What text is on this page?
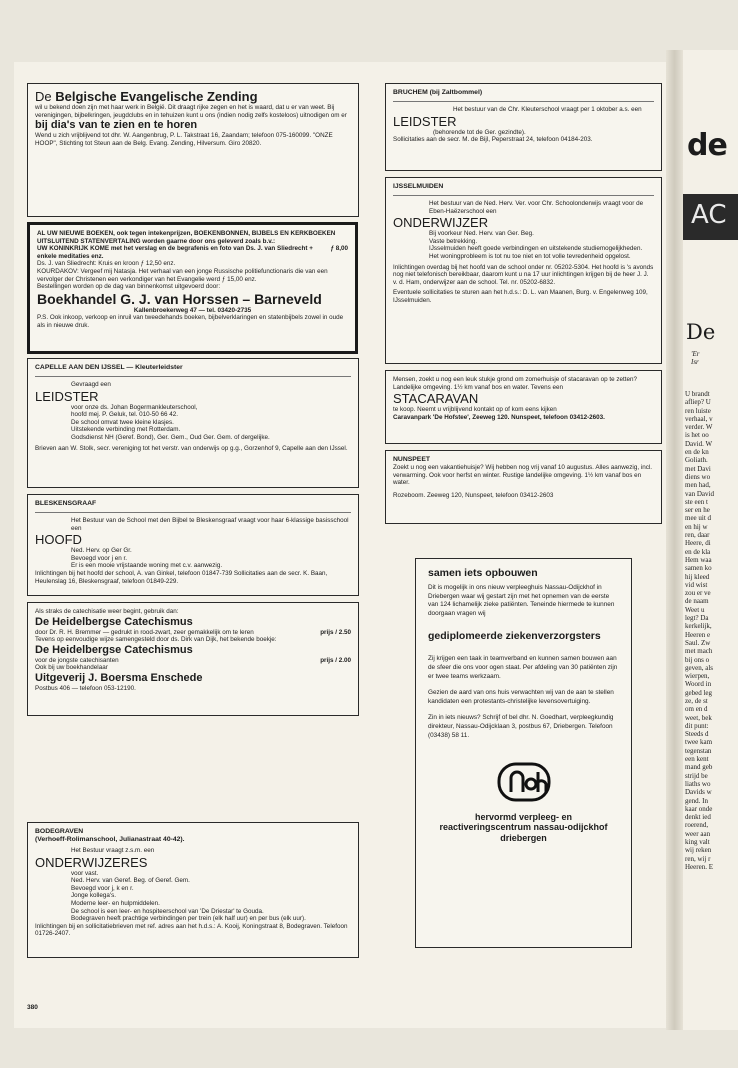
De Belgische Evangelische Zending

wil u bekend doen zijn met haar werk in België. Dit draagt rijke zegen en het is waard, dat u er van weet. Bij verenigingen, bijbelkringen, jeugdclubs en in tehuizen kunt u ons (indien nodig zelfs kosteloos) uitnodigen om er

bij dia's van te zien en te horen

Wend u zich vrijblijvend tot dhr. W. Aangenbrug, P. L. Takstraat 16, Zaandam; telefoon 075-160099. "ONZE HOOP", Stichting tot Steun aan de Belg. Evang. Zending, Hilversum. Giro 20820.

AL UW NIEUWE BOEKEN, ook tegen intekenprijzen, BOEKENBONNEN, BIJBELS EN KERKBOEKEN UITSLUITEND STATENVERTALING worden gaarne door ons geleverd zoals b.v.:

UW KONINKRIJK KOME met het verslag en de begrafenis en foto van Ds. J. van Sliedrecht + enkele meditaties enz.

ƒ 8,00

Ds. J. van Sliedrecht: Kruis en kroon ƒ 12,50 enz.

KOURDAKOV: Vergeef mij Natasja. Het verhaal van een jonge Russische politiefunctionaris die van een vervolger der Christenen een verkondiger van het Evangelie werd ƒ 15,00 enz.

Bestellingen worden op de dag van binnenkomst uitgevoerd door:

Boekhandel G. J. van Horssen – Barneveld

Kallenbroekerweg 47 — tel. 03420-2735

P.S. Ook inkoop, verkoop en inruil van tweedehands boeken, bijbelverklaringen en statenbijbels zowel in oude als in nieuwe druk.

CAPELLE AAN DEN IJSSEL — Kleuterleidster

Gevraagd een

LEIDSTER

voor onze ds. Johan Bogermankleuterschool,

hoofd mej. P. Geluk, tel. 010-50 66 42.

De school omvat twee kleine klasjes.

Uitstekende verbinding met Rotterdam.

Godsdienst NH (Geref. Bond), Ger. Gem., Oud Ger. Gem. of dergelijke.

Brieven aan W. Stolk, secr. vereniging tot het verstr. van onderwijs op g.g., Gorzenhof 9, Capelle aan den IJssel.

BLESKENSGRAAF

Het Bestuur van de School met den Bijbel te Bleskensgraaf vraagt voor haar 6-klassige basisschool een

HOOFD

Ned. Herv. op Ger Gr.

Bevoegd voor j en r.

Er is een mooie vrijstaande woning met c.v. aanwezig.

Inlichtingen bij het hoofd der school, A. van Ginkel, telefoon 01847-739 Sollicitaties aan de secr. K. Baan, Heulenslag 16, Bleskensgraaf, telefoon 01849-229.

Als straks de catechisatie weer begint, gebruik dan:

De Heidelbergse Catechismus

door Dr. R. H. Bremmer — gedrukt in rood-zwart, zeer gemakkelijk om te leren	prijs / 2.50

Tevens op eenvoudige wijze samengesteld door ds. Dirk van Dijk, het bekende boekje:

De Heidelbergse Catechismus

voor de jongste catechisanten	prijs / 2.00

Ook bij uw boekhandelaar

Uitgeverij J. Boersma Enschede

Postbus 406 — telefoon 053-12190.

BODEGRAVEN

(Verhoeff-Rolimanschool, Julianastraat 40-42).

Het Bestuur vraagt z.s.m. een

ONDERWIJZERES

voor vast.

Ned. Herv. van Geref. Beg. of Geref. Gem.

Bevoegd voor j, k en r.

Jonge kollega's.

Moderne leer- en hulpmiddelen.

De school is een leer- en hospiteerschool van 'De Driestar' te Gouda.

Bodegraven heeft prachtige verbindingen per trein (elk half uur) en per bus (elk uur).

Inlichtingen bij en sollicitatiebrieven met ref. adres aan het h.d.s.: A. Kooij, Koningstraat 8, Bodegraven. Telefoon 01726-2407.

BRUCHEM (bij Zaltbommel)

Het bestuur van de Chr. Kleuterschool vraagt per 1 oktober a.s. een

LEIDSTER

(behorende tot de Ger. gezindte).

Sollicitaties aan de secr. M. de Bijl, Peperstraat 24, telefoon 04184-203.

IJSSELMUIDEN

Het bestuur van de Ned. Herv. Ver. voor Chr. Schoolonderwijs vraagt voor de Eben-Haëzerschool een

ONDERWIJZER

Bij voorkeur Ned. Herv. van Ger. Beg.

Vaste betrekking.

IJsselmuiden heeft goede verbindingen en uitstekende studiemogelijkheden.

Het woningprobleem is tot nu toe niet en tot volle tevredenheid opgelost.

Inlichtingen overdag bij het hoofd van de school onder nr. 05202-5304. Het hoofd is 's avonds nog niet telefonisch bereikbaar, daarom kunt u na 17 uur inlichtingen krijgen bij de heer J. J. v. d. Ham, onderwijzer aan de school. Tel. nr. 05202-6832.

Eventuele sollicitaties te sturen aan het h.d.s.: D. L. van Maanen, Burg. v. Engelenweg 109, IJsselmuiden.

Mensen, zoekt u nog een leuk stukje grond om zomerhuisje of stacaravan op te zetten? Landelijke omgeving. 1½ km vanaf bos en water. Tevens een

STACARAVAN

te koop. Neemt u vrijblijvend kontakt op of kom eens kijken

Caravanpark 'De Hofstee', Zeeweg 120. Nunspeet, telefoon 03412-2603.

NUNSPEET

Zoekt u nog een vakantiehuisje? Wij hebben nog vrij vanaf 10 augustus. Alles aanwezig, incl. verwarming. Ook voor herfst en winter. Rustige landelijke omgeving. 1½ km vanaf bos en water.

Rozeboom. Zeeweg 120, Nunspeet, telefoon 03412-2603

samen iets opbouwen

Dit is mogelijk in ons nieuw verpleeghuis Nassau-Odijckhof in Driebergen waar wij gestart zijn met het opnemen van de eerste van 124 lichamelijk zieke patiënten. Teneinde hiermede te kunnen doorgaan vragen wij

gediplomeerde ziekenverzorgsters

Zij krijgen een taak in teamverband en kunnen samen bouwen aan de sfeer die ons voor ogen staat. Per afdeling van 30 patiënten zijn er twee teams werkzaam.

Gezien de aard van ons huis verwachten wij van de aan te stellen kandidaten een protestants-christelijke levensovertuiging.

Zin in iets nieuws? Schrijf of bel dhr. N. Goedhart, verpleegkundig direkteur, Nassau-Odijcklaan 3, postbus 67, Driebergen. Telefoon (03438) 58 11.

hervormd verpleeg- en reactiveringscentrum nassau-odijckhof driebergen

380
de
AC
De
'Er
Isr
U brandt
afliep? U
ren luiste
verhaal, v
verder. W
is het oo
David. W
en de kn
Goliath.
met Davi
diens wo
men had,
van David
ste een t
ser en he
mee uit d
en hij w
ren, daar
Heere, di
en de kla
Hem waa
samen ko
hij kleed
vid wist
zou er ve
de naam
Weet u
legt? Da
kerkelijk,
Heeren e
Saul. Zw
met mach
bij ons o
geven, als
wierpen,
Woord in
gebed leg
ze, de st
om en d
weet, bek
dit punt:
Steeds d
twee kam
tegenstan
een kent
mand geb
strijd be
liaths wo
Davids w
gend. In
kaar onde
denkt ied
roerend,
weer aan
king valt
wij reken
ren, wij r
Heeren. E
